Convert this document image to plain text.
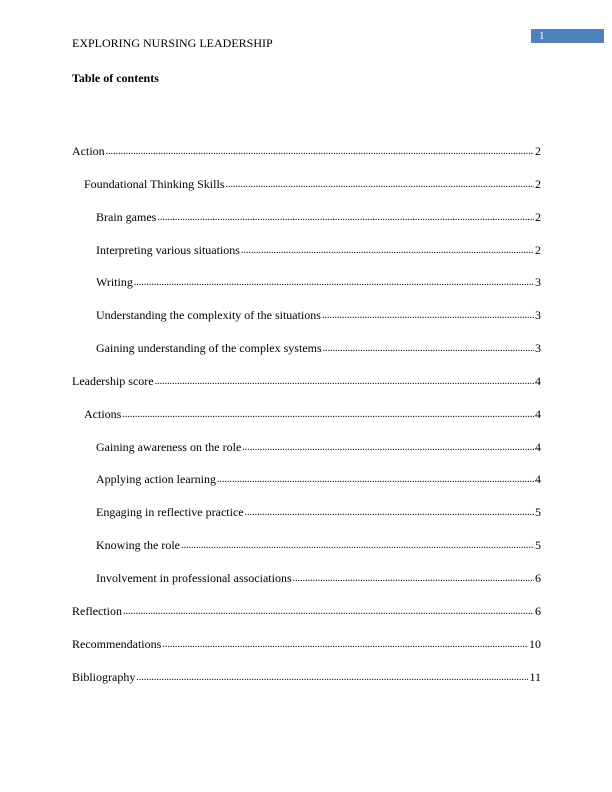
1
EXPLORING NURSING LEADERSHIP
Table of contents
Action .....	2
Foundational Thinking Skills .....	2
Brain games .....	2
Interpreting various situations .....	2
Writing .....	3
Understanding the complexity of the situations .....	3
Gaining understanding of the complex systems .....	3
Leadership score .....	4
Actions .....	4
Gaining awareness on the role .....	4
Applying action learning .....	4
Engaging in reflective practice .....	5
Knowing the role .....	5
Involvement in professional associations .....	6
Reflection .....	6
Recommendations .....	10
Bibliography .....	11
